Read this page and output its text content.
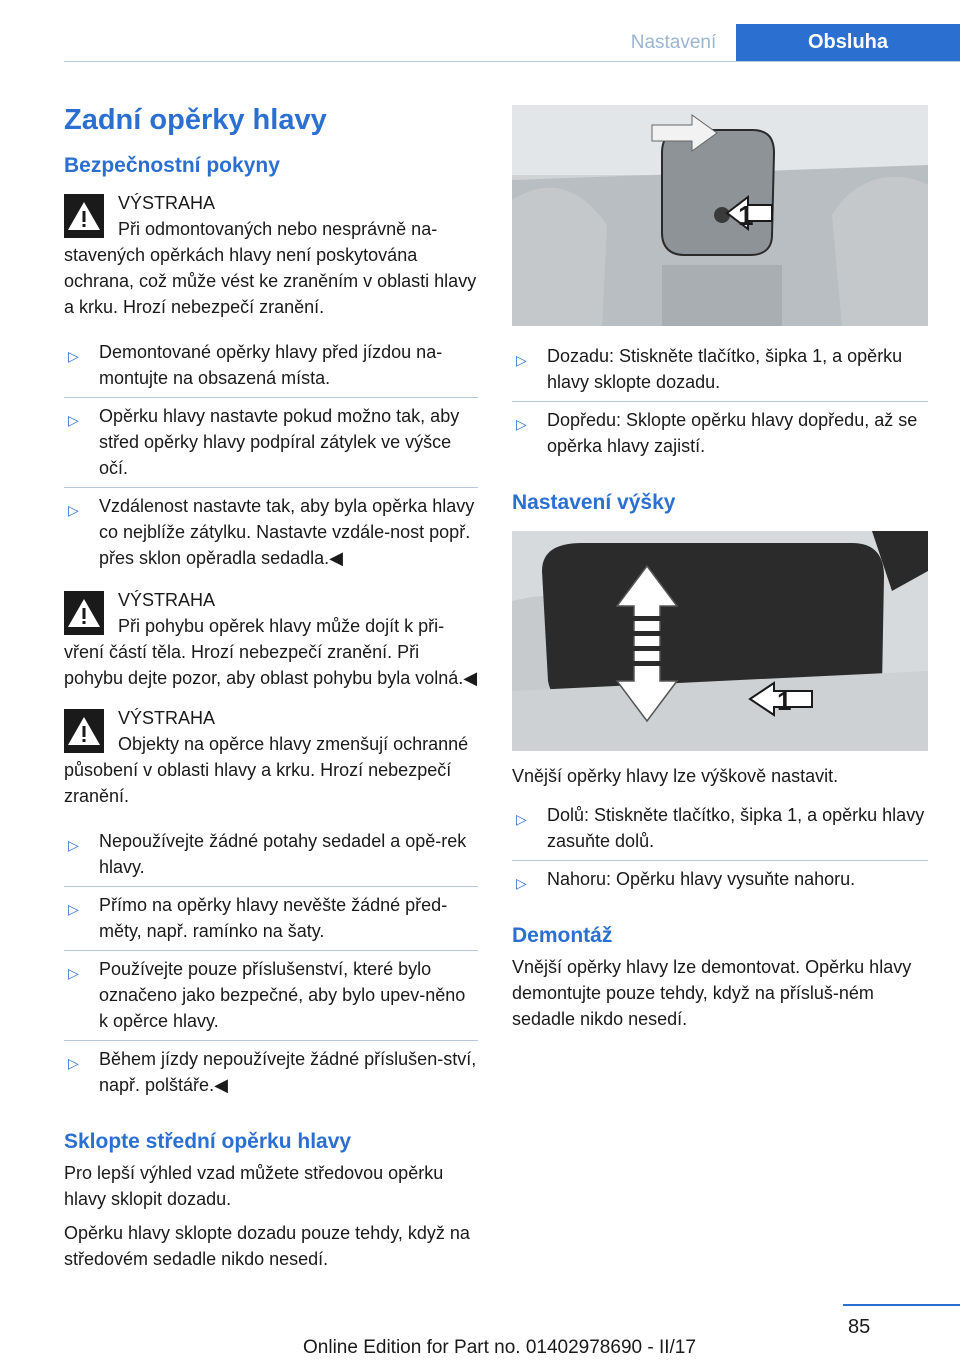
Nastavení	Obsluha
Zadní opěrky hlavy
Bezpečnostní pokyny
VÝSTRAHA
Při odmontovaných nebo nesprávně na‐stavených opěrkách hlavy není poskytována ochrana, což může vést ke zraněním v oblasti hlavy a krku. Hrozí nebezpečí zranění.
▷ Demontované opěrky hlavy před jízdou na‐montujte na obsazená místa.
▷ Opěrku hlavy nastavte pokud možno tak, aby střed opěrky hlavy podpíral zátylek ve výšce očí.
▷ Vzdálenost nastavte tak, aby byla opěrka hlavy co nejblíže zátylku. Nastavte vzdále‐nost popř. přes sklon opěradla sedadla.◀
VÝSTRAHA
Při pohybu opěrek hlavy může dojít k při‐vření částí těla. Hrozí nebezpečí zranění. Při pohybu dejte pozor, aby oblast pohybu byla volná.◀
VÝSTRAHA
Objekty na opěrce hlavy zmenšují ochranné působení v oblasti hlavy a krku. Hrozí nebezpečí zranění.
▷ Nepoužívejte žádné potahy sedadel a opě‐rek hlavy.
▷ Přímo na opěrky hlavy nevěšte žádné před‐měty, např. ramínko na šaty.
▷ Používejte pouze příslušenství, které bylo označeno jako bezpečné, aby bylo upev‐něno k opěrce hlavy.
▷ Během jízdy nepoužívejte žádné příslušen‐ství, např. polštáře.◀
Sklopte střední opěrku hlavy

Pro lepší výhled vzad můžete středovou opěrku hlavy sklopit dozadu.

Opěrku hlavy sklopte dozadu pouze tehdy, když na středovém sedadle nikdo nesedí.

1
▷ Dozadu: Stiskněte tlačítko, šipka 1, a opěrku hlavy sklopte dozadu.
▷ Dopředu: Sklopte opěrku hlavy dopředu, až se opěrka hlavy zajistí.
Nastavení výšky
1

Vnější opěrky hlavy lze výškově nastavit.

▷ Dolů: Stiskněte tlačítko, šipka 1, a opěrku hlavy zasuňte dolů.
▷ Nahoru: Opěrku hlavy vysuňte nahoru.
Demontáž

Vnější opěrky hlavy lze demontovat. Opěrku hlavy demontujte pouze tehdy, když na přísluš‐ném sedadle nikdo nesedí.

85
Online Edition for Part no. 01402978690 - II/17
